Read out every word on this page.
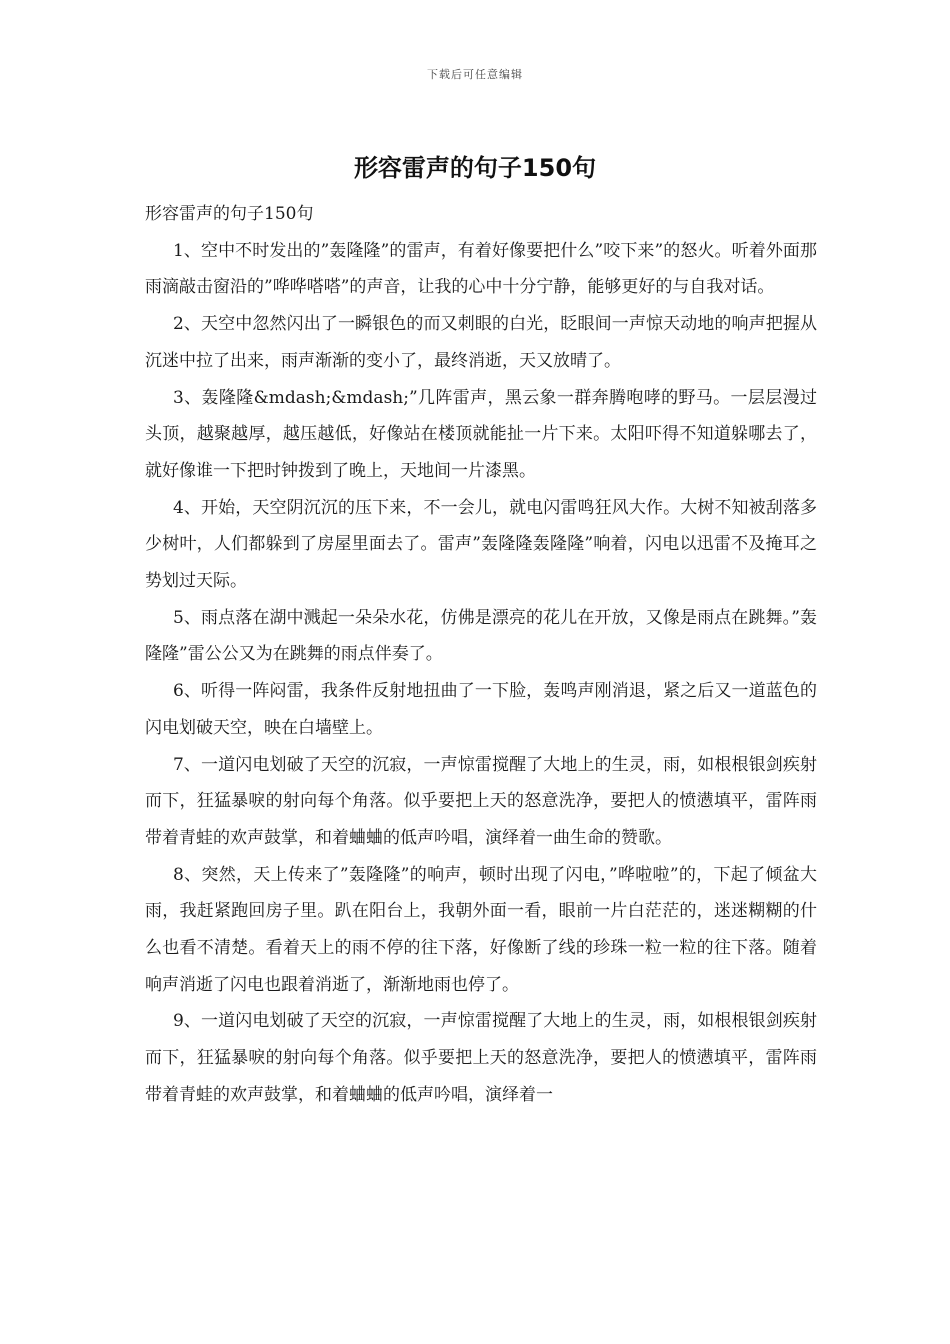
下载后可任意编辑
形容雷声的句子150句

形容雷声的句子150句

1、空中不时发出的”轰隆隆”的雷声，有着好像要把什么”咬下来”的怒火。听着外面那雨滴敲击窗沿的”哗哗嗒嗒”的声音，让我的心中十分宁静，能够更好的与自我对话。

2、天空中忽然闪出了一瞬银色的而又刺眼的白光，眨眼间一声惊天动地的响声把握从沉迷中拉了出来，雨声渐渐的变小了，最终消逝，天又放晴了。

3、轰隆隆&mdash;&mdash;”几阵雷声，黑云象一群奔腾咆哮的野马。一层层漫过头顶，越聚越厚，越压越低，好像站在楼顶就能扯一片下来。太阳吓得不知道躲哪去了，就好像谁一下把时钟拨到了晚上，天地间一片漆黑。

4、开始，天空阴沉沉的压下来，不一会儿，就电闪雷鸣狂风大作。大树不知被刮落多少树叶，人们都躲到了房屋里面去了。雷声”轰隆隆轰隆隆”响着，闪电以迅雷不及掩耳之势划过天际。

5、雨点落在湖中溅起一朵朵水花，仿佛是漂亮的花儿在开放，又像是雨点在跳舞。”轰隆隆”雷公公又为在跳舞的雨点伴奏了。

6、听得一阵闷雷，我条件反射地扭曲了一下脸，轰鸣声刚消退，紧之后又一道蓝色的闪电划破天空，映在白墙壁上。

7、一道闪电划破了天空的沉寂，一声惊雷搅醒了大地上的生灵，雨，如根根银剑疾射而下，狂猛暴唳的射向每个角落。似乎要把上天的怒意洗净，要把人的愤懑填平，雷阵雨带着青蛙的欢声鼓掌，和着蛐蛐的低声吟唱，演绎着一曲生命的赞歌。

8、突然，天上传来了”轰隆隆”的响声，顿时出现了闪电，”哗啦啦”的，下起了倾盆大雨，我赶紧跑回房子里。趴在阳台上，我朝外面一看，眼前一片白茫茫的，迷迷糊糊的什么也看不清楚。看着天上的雨不停的往下落，好像断了线的珍珠一粒一粒的往下落。随着响声消逝了闪电也跟着消逝了，渐渐地雨也停了。

9、一道闪电划破了天空的沉寂，一声惊雷搅醒了大地上的生灵，雨，如根根银剑疾射而下，狂猛暴唳的射向每个角落。似乎要把上天的怒意洗净，要把人的愤懑填平，雷阵雨带着青蛙的欢声鼓掌，和着蛐蛐的低声吟唱，演绎着一
